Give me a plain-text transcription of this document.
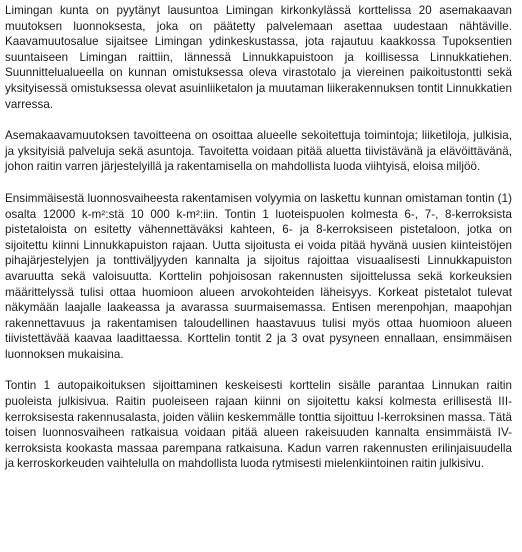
Limingan kunta on pyytänyt lausuntoa Limingan kirkonkylässä korttelissa 20 asemakaavan muutoksen luonnoksesta, joka on päätetty palvelemaan asettaa uudestaan nähtäville. Kaavamuutosalue sijaitsee Limingan ydinkeskustassa, jota rajautuu kaakkossa Tupoksentien suuntaiseen Limingan raittiin, lännessä Linnukkapuistoon ja koillisessa Linnukkatiehen. Suunnittelualueella on kunnan omistuksessa oleva virastotalo ja viereinen paikoitustontti sekä yksityisessä omistuksessa olevat asuinliiketalon ja muutaman liikerakennuksen tontit Linnukkatien varressa.

Asemakaavamuutoksen tavoitteena on osoittaa alueelle sekoitettuja toimintoja; liiketiloja, julkisia, ja yksityisiä palveluja sekä asuntoja. Tavoitetta voidaan pitää aluetta tiivistävänä ja elävöittävänä, johon raitin varren järjestelyillä ja rakentamisella on mahdollista luoda viihtyisä, eloisa miljöö.

Ensimmäisestä luonnosvaiheesta rakentamisen volyymia on laskettu kunnan omistaman tontin (1) osalta 12000 k-m²:stä 10 000 k-m²:iin. Tontin 1 luoteispuolen kolmesta 6-, 7-, 8-kerroksista pistetaloista on esitetty vähennettäväksi kahteen, 6- ja 8-kerroksiseen pistetaloon, jotka on sijoitettu kiinni Linnukkapuiston rajaan. Uutta sijoitusta ei voida pitää hyvänä uusien kiinteistöjen pihajärjestelyjen ja tonttiväljyyden kannalta ja sijoitus rajoittaa visuaalisesti Linnukkapuiston avaruutta sekä valoisuutta. Korttelin pohjoisosan rakennusten sijoittelussa sekä korkeuksien määrittelyssä tulisi ottaa huomioon alueen arvokohteiden läheisyys. Korkeat pistetalot tulevat näkymään laajalle laakeassa ja avarassa suurmaisemassa. Entisen merenpohjan, maapohjan rakennettavuus ja rakentamisen taloudellinen haastavuus tulisi myös ottaa huomioon alueen tiivistettävää kaavaa laadittaessa. Korttelin tontit 2 ja 3 ovat pysyneen ennallaan, ensimmäisen luonnoksen mukaisina.

Tontin 1 autopaikoituksen sijoittaminen keskeisesti korttelin sisälle parantaa Linnukan raitin puoleista julkisivua. Raitin puoleiseen rajaan kiinni on sijoitettu kaksi kolmesta erillisestä III-kerroksisesta rakennusalasta, joiden väliin keskemmälle tonttia sijoittuu I-kerroksinen massa. Tätä toisen luonnosvaiheen ratkaisua voidaan pitää alueen rakeisuuden kannalta ensimmäistä IV-kerroksista kookasta massaa parempana ratkaisuna. Kadun varren rakennusten erilinjaisuudella ja kerroskorkeuden vaihtelulla on mahdollista luoda rytmisesti mielenkiintoinen raitin julkisivu.
